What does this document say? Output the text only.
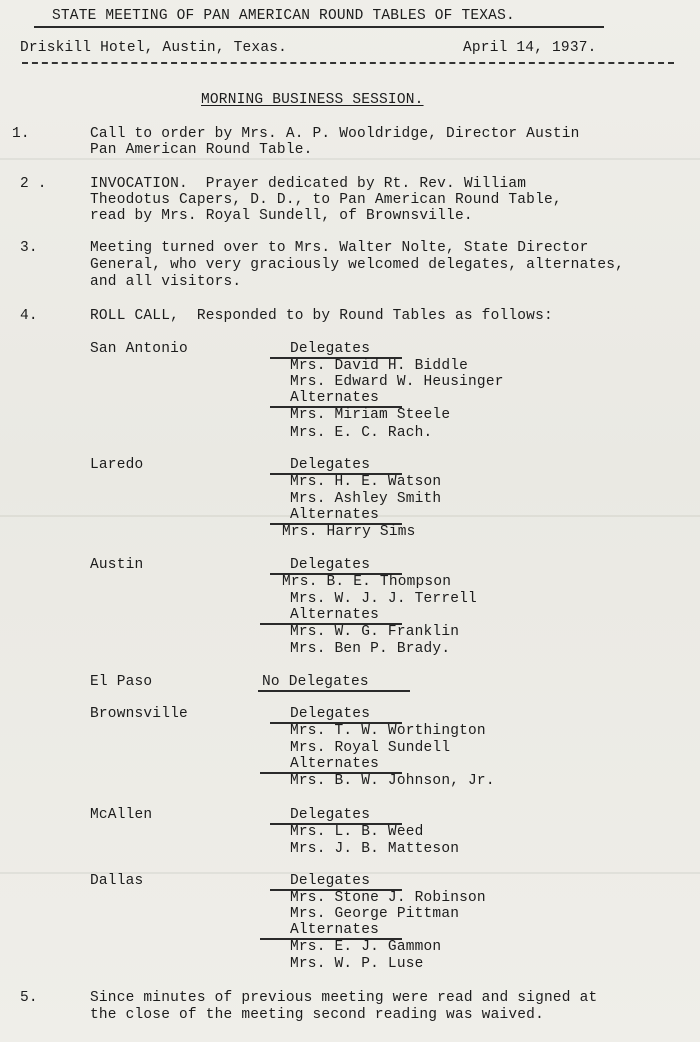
STATE MEETING OF PAN AMERICAN ROUND TABLES OF TEXAS.
Driskill Hotel, Austin, Texas.	April 14, 1937.
MORNING BUSINESS SESSION.
1.	Call to order by Mrs. A. P. Wooldridge, Director Austin
Pan American Round Table.
2 .	INVOCATION.  Prayer dedicated by Rt. Rev. William
Theodotus Capers, D. D., to Pan American Round Table,
read by Mrs. Royal Sundell, of Brownsville.
3.	Meeting turned over to Mrs. Walter Nolte, State Director
General, who very graciously welcomed delegates, alternates,
and all visitors.
4.	ROLL CALL,  Responded to by Round Tables as follows:
San Antonio	Delegates
Mrs. David H. Biddle
Mrs. Edward W. Heusinger
Alternates
Mrs. Miriam Steele
Mrs. E. C. Rach.
Laredo	Delegates
Mrs. H. E. Watson
Mrs. Ashley Smith
Alternates
Mrs. Harry Sims
Austin	Delegates
Mrs. B. E. Thompson
Mrs. W. J. J. Terrell
Alternates
Mrs. W. G. Franklin
Mrs. Ben P. Brady.
El Paso	No Delegates
Brownsville	Delegates
Mrs. T. W. Worthington
Mrs. Royal Sundell
Alternates
Mrs. B. W. Johnson, Jr.
McAllen	Delegates
Mrs. L. B. Weed
Mrs. J. B. Matteson
Dallas	Delegates
Mrs. Stone J. Robinson
Mrs. George Pittman
Alternates
Mrs. E. J. Gammon
Mrs. W. P. Luse
5.	Since minutes of previous meeting were read and signed at
the close of the meeting second reading was waived.
